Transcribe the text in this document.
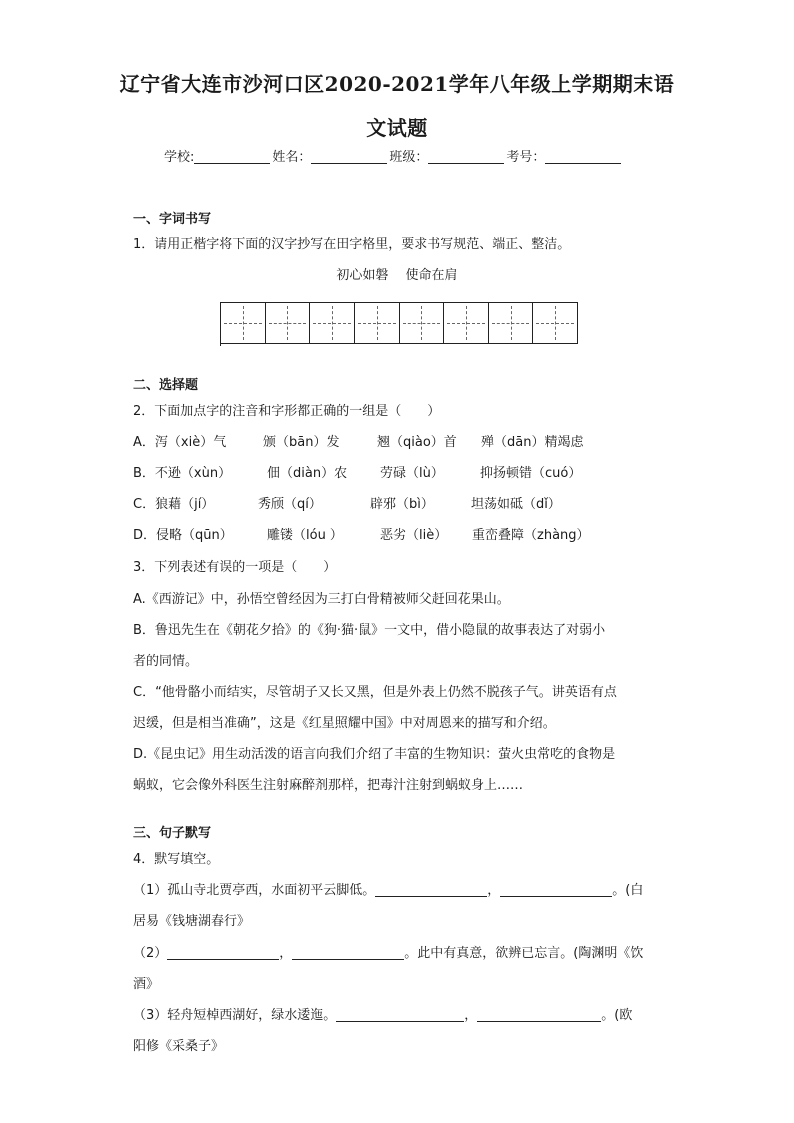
辽宁省大连市沙河口区2020-2021学年八年级上学期期末语
文试题
学校:	姓名：	班级：	考号：
一、字词书写
1．请用正楷字将下面的汉字抄写在田字格里，要求书写规范、端正、整洁。
初心如磐　 使命在肩
二、选择题
2．下面加点字的注音和字形都正确的一组是（　　）
A．泻（xiè）气	颁（bān）发	翘（qiào）首 殚（dān）精竭虑
B．不逊（xùn）	佃（diàn）农	劳碌（lù）	抑扬顿错（cuó）
C．狼藉（jí）	秀颀（qí）	辟邪（bì）	坦荡如砥（dǐ）
D．侵略（qūn）	雕镂（lóu ）	恶劣（liè） 重峦叠障（zhàng）
3．下列表述有误的一项是（　　）
A.《西游记》中，孙悟空曾经因为三打白骨精被师父赶回花果山。
B．鲁迅先生在《朝花夕拾》的《狗·猫·鼠》一文中，借小隐鼠的故事表达了对弱小
者的同情。
C．“他骨骼小而结实，尽管胡子又长又黑，但是外表上仍然不脱孩子气。讲英语有点
迟缓，但是相当准确”，这是《红星照耀中国》中对周恩来的描写和介绍。
D.《昆虫记》用生动活泼的语言向我们介绍了丰富的生物知识：萤火虫常吃的食物是
蜗蚁，它会像外科医生注射麻醉剂那样，把毒汁注射到蜗蚁身上……
三、句子默写
4．默写填空。
（1）孤山寺北贾亭西，水面初平云脚低。	，	。(白
居易《钱塘湖春行》
（2）	，	。此中有真意，欲辨已忘言。(陶渊明《饮
酒》
（3）轻舟短棹西湖好，绿水逶迤。	，	。(欧
阳修《采桑子》
